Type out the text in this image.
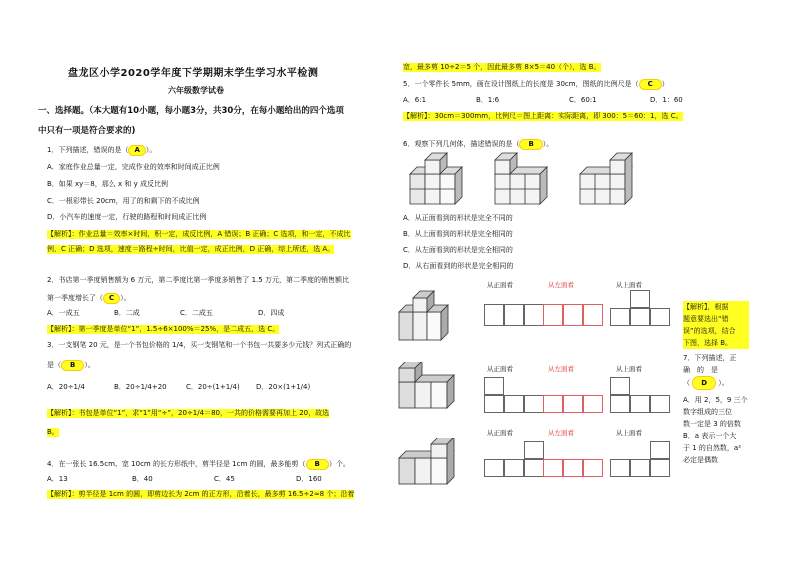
盘龙区小学2020学年度下学期期末学生学习水平检测
六年级数学试卷
一、选择题。（本大题有10小题，每小题3分，共30分，在每小题给出的四个选项
中只有一项是符合要求的)
1．下列描述，错误的是（ A ）。
A．家庭作业总量一定，完成作业的效率和时间成正比例
B．如果 xy＝8，那么 x 和 y 成反比例
C．一根彩带长 20cm，用了的和剩下的不成比例
D．小汽车的速度一定，行驶的路程和时间成正比例
【解析】：作业总量＝效率×时间，积一定，成反比例，A 错误；B 正确；C 选项，和一定，不成比
例，C 正确；D 选项，速度＝路程÷时间，比值一定，成正比例，D 正确，综上所述，选 A。
2．书店第一季度销售额为 6 万元，第二季度比第一季度多销售了 1.5 万元，第二季度的销售额比
第一季度增长了（ C ）。
A．一成五	B．二成	C．二成五	D．四成
【解析】：第一季度是单位“1”，1.5÷6×100%＝25%，是二成五，选 C。
3．一支钢笔 20 元，是一个书包价格的 1/4，买一支钢笔和一个书包一共要多少元钱？列式正确的
是（ B ）。
A．20÷1/4	B．20÷1/4+20	C．20÷(1+1/4) D．20×(1+1/4)
【解析】：书包是单位“1”，求“1”用“÷”，20÷1/4＝80，一共的价格需要再加上 20，故选
B。
4．在一张长 16.5cm、宽 10cm 的长方形纸中，剪半径是 1cm 的圆，最多能剪（ B ）个。
A．13	B．40	C．45	D．160
【解析】：剪半径是 1cm 的圆，即剪边长为 2cm 的正方形，沿着长，最多剪 16.5÷2≈8 个；沿着
宽，最多剪 10÷2＝5 个，因此最多剪 8×5＝40（个），选 B。
5．一个零件长 5mm，画在设计图纸上的长度是 30cm，图纸的比例尺是（ C ）
A．6:1	B．1:6	C．60:1	D．1：60
【解析】：30cm＝300mm，比例尺＝图上距离：实际距离，即 300：5＝60：1，选 C。
6．观察下列几何体，描述错误的是（ B ）。
A．从正面看到的形状是完全不同的
B．从上面看到的形状是完全相同的
C．从左面看到的形状是完全相同的
D．从右面看到的形状是完全相同的
从正面看	从左面看	从上面看
【解析】，根据
题意要选出“错
误”的选项，结合
下图，选择 B。
从正面看	从左面看	从上面看
从正面看	从左面看	从上面看
7．下列描述，正
确　的　是
（ D ）。
A．用 2，5，9 三个
数字组成的三位
数一定是 3 的倍数
B．a 表示一个大
于 1 的自然数，a²
必定是偶数
